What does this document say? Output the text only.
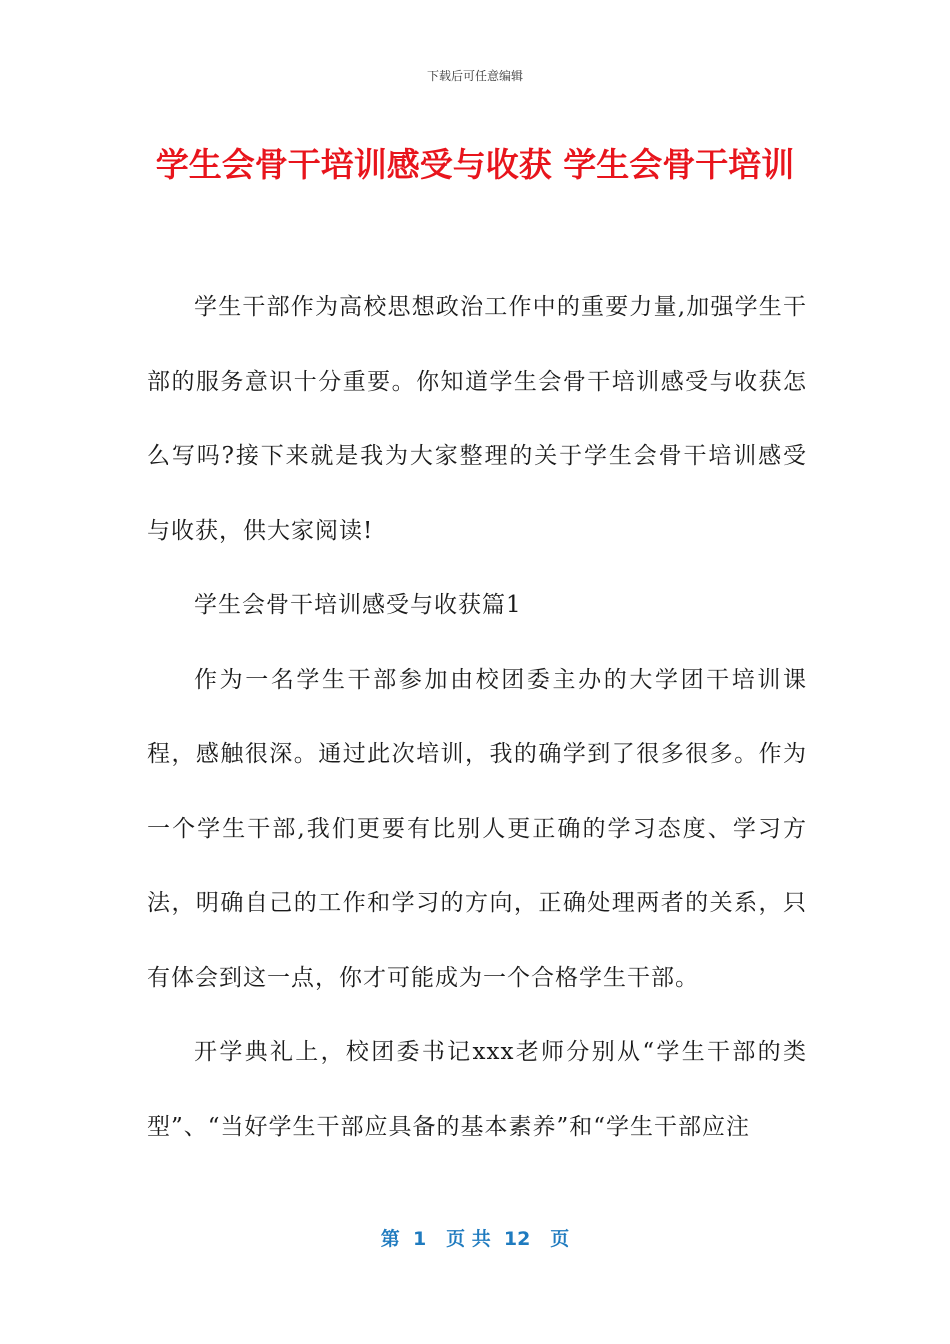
下载后可任意编辑
学生会骨干培训感受与收获 学生会骨干培训

学生干部作为高校思想政治工作中的重要力量,加强学生干部的服务意识十分重要。你知道学生会骨干培训感受与收获怎么写吗?接下来就是我为大家整理的关于学生会骨干培训感受与收获，供大家阅读!

学生会骨干培训感受与收获篇1

作为一名学生干部参加由校团委主办的大学团干培训课程，感触很深。通过此次培训，我的确学到了很多很多。作为一个学生干部,我们更要有比别人更正确的学习态度、学习方法，明确自己的工作和学习的方向，正确处理两者的关系，只有体会到这一点，你才可能成为一个合格学生干部。

开学典礼上，校团委书记xxx老师分别从“学生干部的类型”、“当好学生干部应具备的基本素养”和“学生干部应注

第  1   页 共  12   页
